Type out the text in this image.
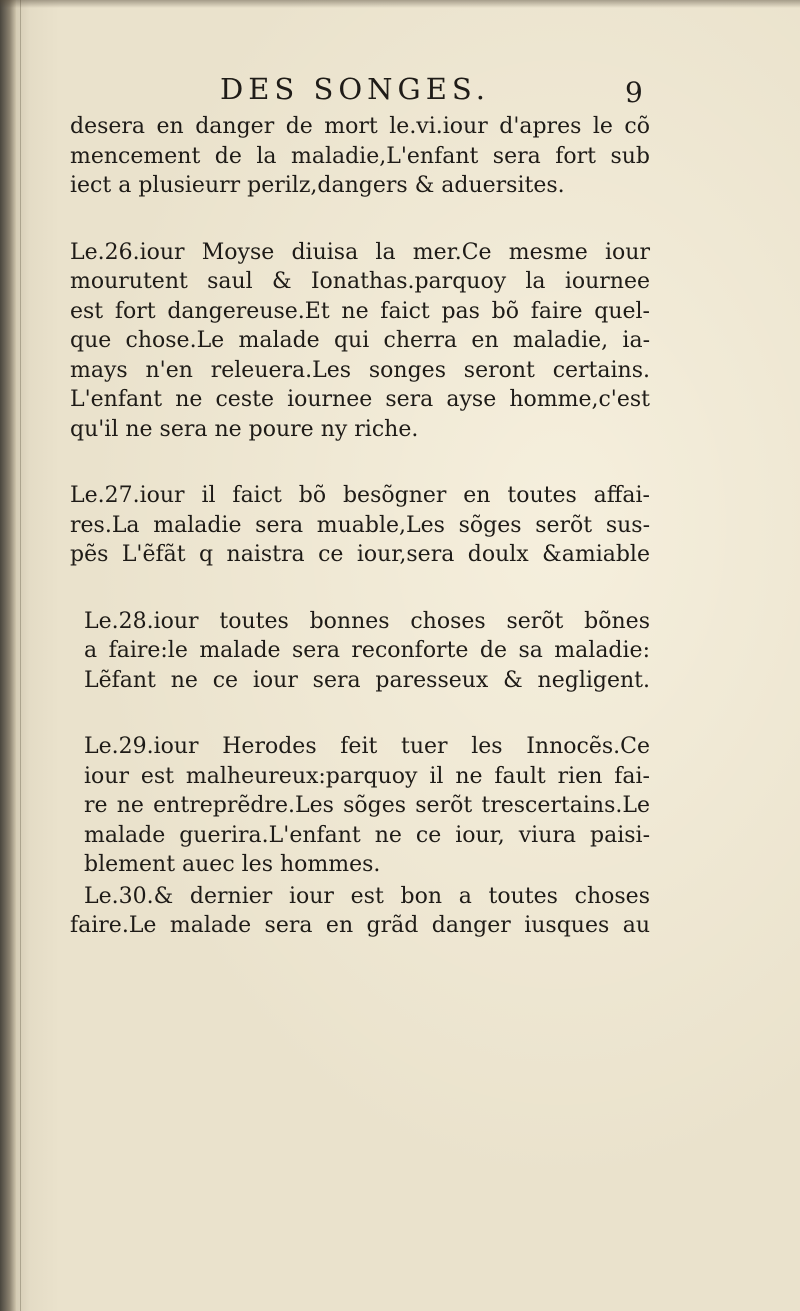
DES SONGES.	9
desera en danger de mort le.vi.iour d'apres le cõ
mencement de la maladie,L'enfant sera fort sub
iect a plusieurr perilz,dangers & aduersites.
Le.26.iour Moyse diuisa la mer.Ce mesme iour
mourutent saul & Ionathas.parquoy la iournee
est fort dangereuse.Et ne faict pas bõ faire quel-
que chose.Le malade qui cherra en maladie, ia-
mays n'en releuera.Les songes seront certains.
L'enfant ne ceste iournee sera ayse homme,c'est
qu'il ne sera ne poure ny riche.
Le.27.iour il faict bõ besõgner en toutes affai-
res.La maladie sera muable,Les sõges serõt sus-
pẽs L'ẽfãt q naistra ce iour,sera doulx &amiable
Le.28.iour toutes bonnes choses serõt bõnes
a faire:le malade sera reconforte de sa maladie:
Lẽfant ne ce iour sera paresseux & negligent.
Le.29.iour Herodes feit tuer les Innocẽs.Ce
iour est malheureux:parquoy il ne fault rien fai-
re ne entreprẽdre.Les sõges serõt trescertains.Le
malade guerira.L'enfant ne ce iour, viura paisi-
blement auec les hommes.
Le.30.& dernier iour est bon a toutes choses
faire.Le malade sera en grãd danger iusques au
